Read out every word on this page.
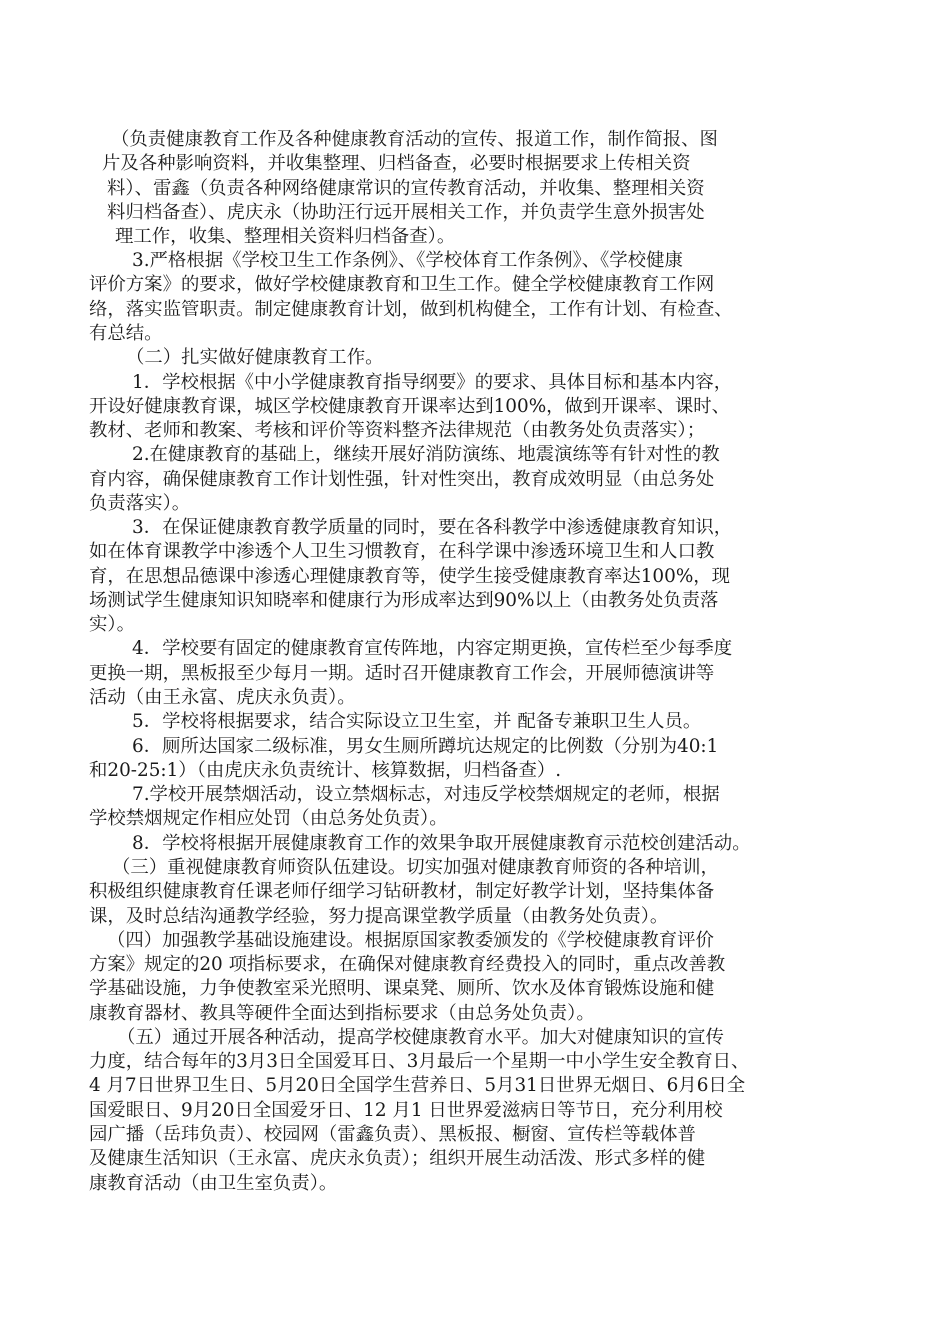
（负责健康教育工作及各种健康教育活动的宣传、报道工作，制作简报、图
片及各种影响资料，并收集整理、归档备查，必要时根据要求上传相关资
料）、雷鑫（负责各种网络健康常识的宣传教育活动，并收集、整理相关资
料归档备查）、虎庆永（协助汪行远开展相关工作，并负责学生意外损害处
理工作，收集、整理相关资料归档备查）。
3.严格根据《学校卫生工作条例》、《学校体育工作条例》、《学校健康
评价方案》的要求，做好学校健康教育和卫生工作。健全学校健康教育工作网
络，落实监管职责。制定健康教育计划，做到机构健全，工作有计划、有检查、
有总结。
（二）扎实做好健康教育工作。
1．学校根据《中小学健康教育指导纲要》的要求、具体目标和基本内容，
开设好健康教育课，城区学校健康教育开课率达到100%，做到开课率、课时、
教材、老师和教案、考核和评价等资料整齐法律规范（由教务处负责落实）；
2.在健康教育的基础上，继续开展好消防演练、地震演练等有针对性的教
育内容，确保健康教育工作计划性强，针对性突出，教育成效明显（由总务处
负责落实）。
3．在保证健康教育教学质量的同时，要在各科教学中渗透健康教育知识，
如在体育课教学中渗透个人卫生习惯教育，在科学课中渗透环境卫生和人口教
育，在思想品德课中渗透心理健康教育等，使学生接受健康教育率达100%，现
场测试学生健康知识知晓率和健康行为形成率达到90%以上（由教务处负责落
实）。
4．学校要有固定的健康教育宣传阵地，内容定期更换，宣传栏至少每季度
更换一期，黑板报至少每月一期。适时召开健康教育工作会，开展师德演讲等
活动（由王永富、虎庆永负责）。
5．学校将根据要求，结合实际设立卫生室，并 配备专兼职卫生人员。
6．厕所达国家二级标准，男女生厕所蹲坑达规定的比例数（分别为40:1
和20-25:1）（由虎庆永负责统计、核算数据，归档备查）.
7.学校开展禁烟活动，设立禁烟标志，对违反学校禁烟规定的老师，根据
学校禁烟规定作相应处罚（由总务处负责）。
8．学校将根据开展健康教育工作的效果争取开展健康教育示范校创建活动。
（三）重视健康教育师资队伍建设。切实加强对健康教育师资的各种培训，
积极组织健康教育任课老师仔细学习钻研教材，制定好教学计划，坚持集体备
课，及时总结沟通教学经验，努力提高课堂教学质量（由教务处负责）。
（四）加强教学基础设施建设。根据原国家教委颁发的《学校健康教育评价
方案》规定的20 项指标要求，在确保对健康教育经费投入的同时，重点改善教
学基础设施，力争使教室采光照明、课桌凳、厕所、饮水及体育锻炼设施和健
康教育器材、教具等硬件全面达到指标要求（由总务处负责）。
（五）通过开展各种活动，提高学校健康教育水平。加大对健康知识的宣传
力度，结合每年的3月3日全国爱耳日、3月最后一个星期一中小学生安全教育日、
4 月7日世界卫生日、5月20日全国学生营养日、5月31日世界无烟日、6月6日全
国爱眼日、9月20日全国爱牙日、12 月1 日世界爱滋病日等节日，充分利用校
园广播（岳玮负责）、校园网（雷鑫负责）、黑板报、橱窗、宣传栏等载体普
及健康生活知识（王永富、虎庆永负责）；组织开展生动活泼、形式多样的健
康教育活动（由卫生室负责）。
